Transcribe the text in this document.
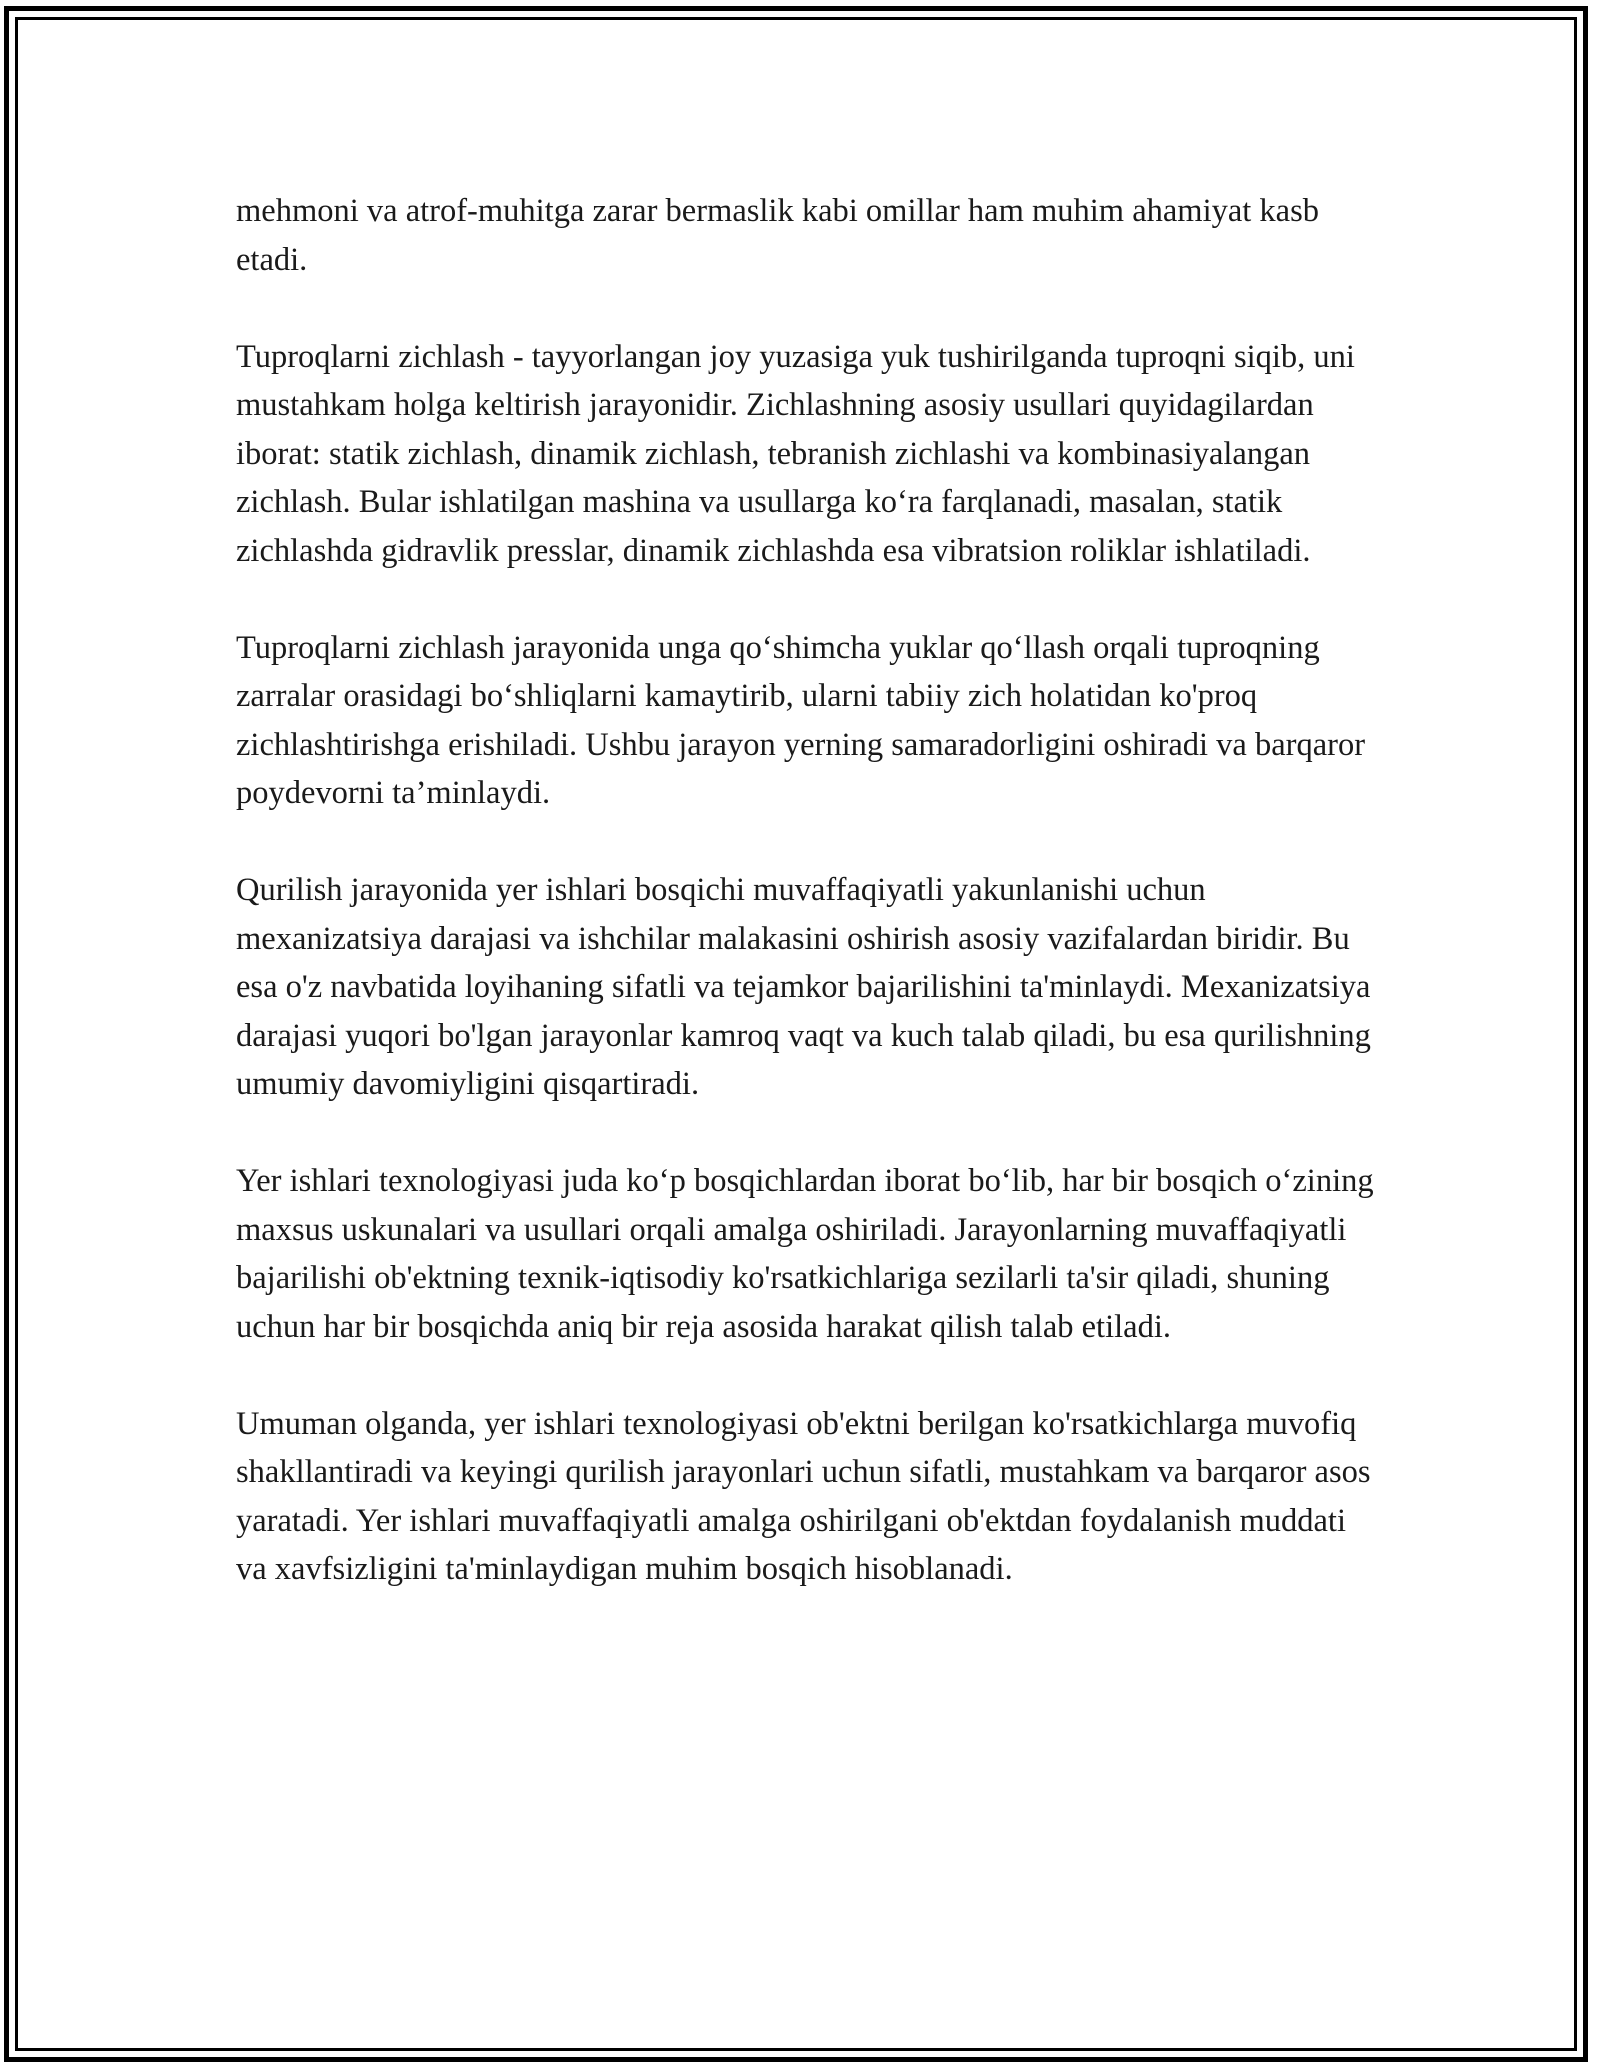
mehmoni va atrof-muhitga zarar bermaslik kabi omillar ham muhim ahamiyat kasb etadi.

Tuproqlarni zichlash - tayyorlangan joy yuzasiga yuk tushirilganda tuproqni siqib, uni mustahkam holga keltirish jarayonidir. Zichlashning asosiy usullari quyidagilardan iborat: statik zichlash, dinamik zichlash, tebranish zichlashi va kombinasiyalangan zichlash. Bular ishlatilgan mashina va usullarga koʻra farqlanadi, masalan, statik zichlashda gidravlik presslar, dinamik zichlashda esa vibratsion roliklar ishlatiladi.

Tuproqlarni zichlash jarayonida unga qoʻshimcha yuklar qoʻllash orqali tuproqning zarralar orasidagi boʻshliqlarni kamaytirib, ularni tabiiy zich holatidan ko'proq zichlashtirishga erishiladi. Ushbu jarayon yerning samaradorligini oshiradi va barqaror poydevorni ta’minlaydi.

Qurilish jarayonida yer ishlari bosqichi muvaffaqiyatli yakunlanishi uchun mexanizatsiya darajasi va ishchilar malakasini oshirish asosiy vazifalardan biridir. Bu esa o'z navbatida loyihaning sifatli va tejamkor bajarilishini ta'minlaydi. Mexanizatsiya darajasi yuqori bo'lgan jarayonlar kamroq vaqt va kuch talab qiladi, bu esa qurilishning umumiy davomiyligini qisqartiradi.

Yer ishlari texnologiyasi juda koʻp bosqichlardan iborat boʻlib, har bir bosqich oʻzining maxsus uskunalari va usullari orqali amalga oshiriladi. Jarayonlarning muvaffaqiyatli bajarilishi ob'ektning texnik-iqtisodiy ko'rsatkichlariga sezilarli ta'sir qiladi, shuning uchun har bir bosqichda aniq bir reja asosida harakat qilish talab etiladi.

Umuman olganda, yer ishlari texnologiyasi ob'ektni berilgan ko'rsatkichlarga muvofiq shakllantiradi va keyingi qurilish jarayonlari uchun sifatli, mustahkam va barqaror asos yaratadi. Yer ishlari muvaffaqiyatli amalga oshirilgani ob'ektdan foydalanish muddati va xavfsizligini ta'minlaydigan muhim bosqich hisoblanadi.
